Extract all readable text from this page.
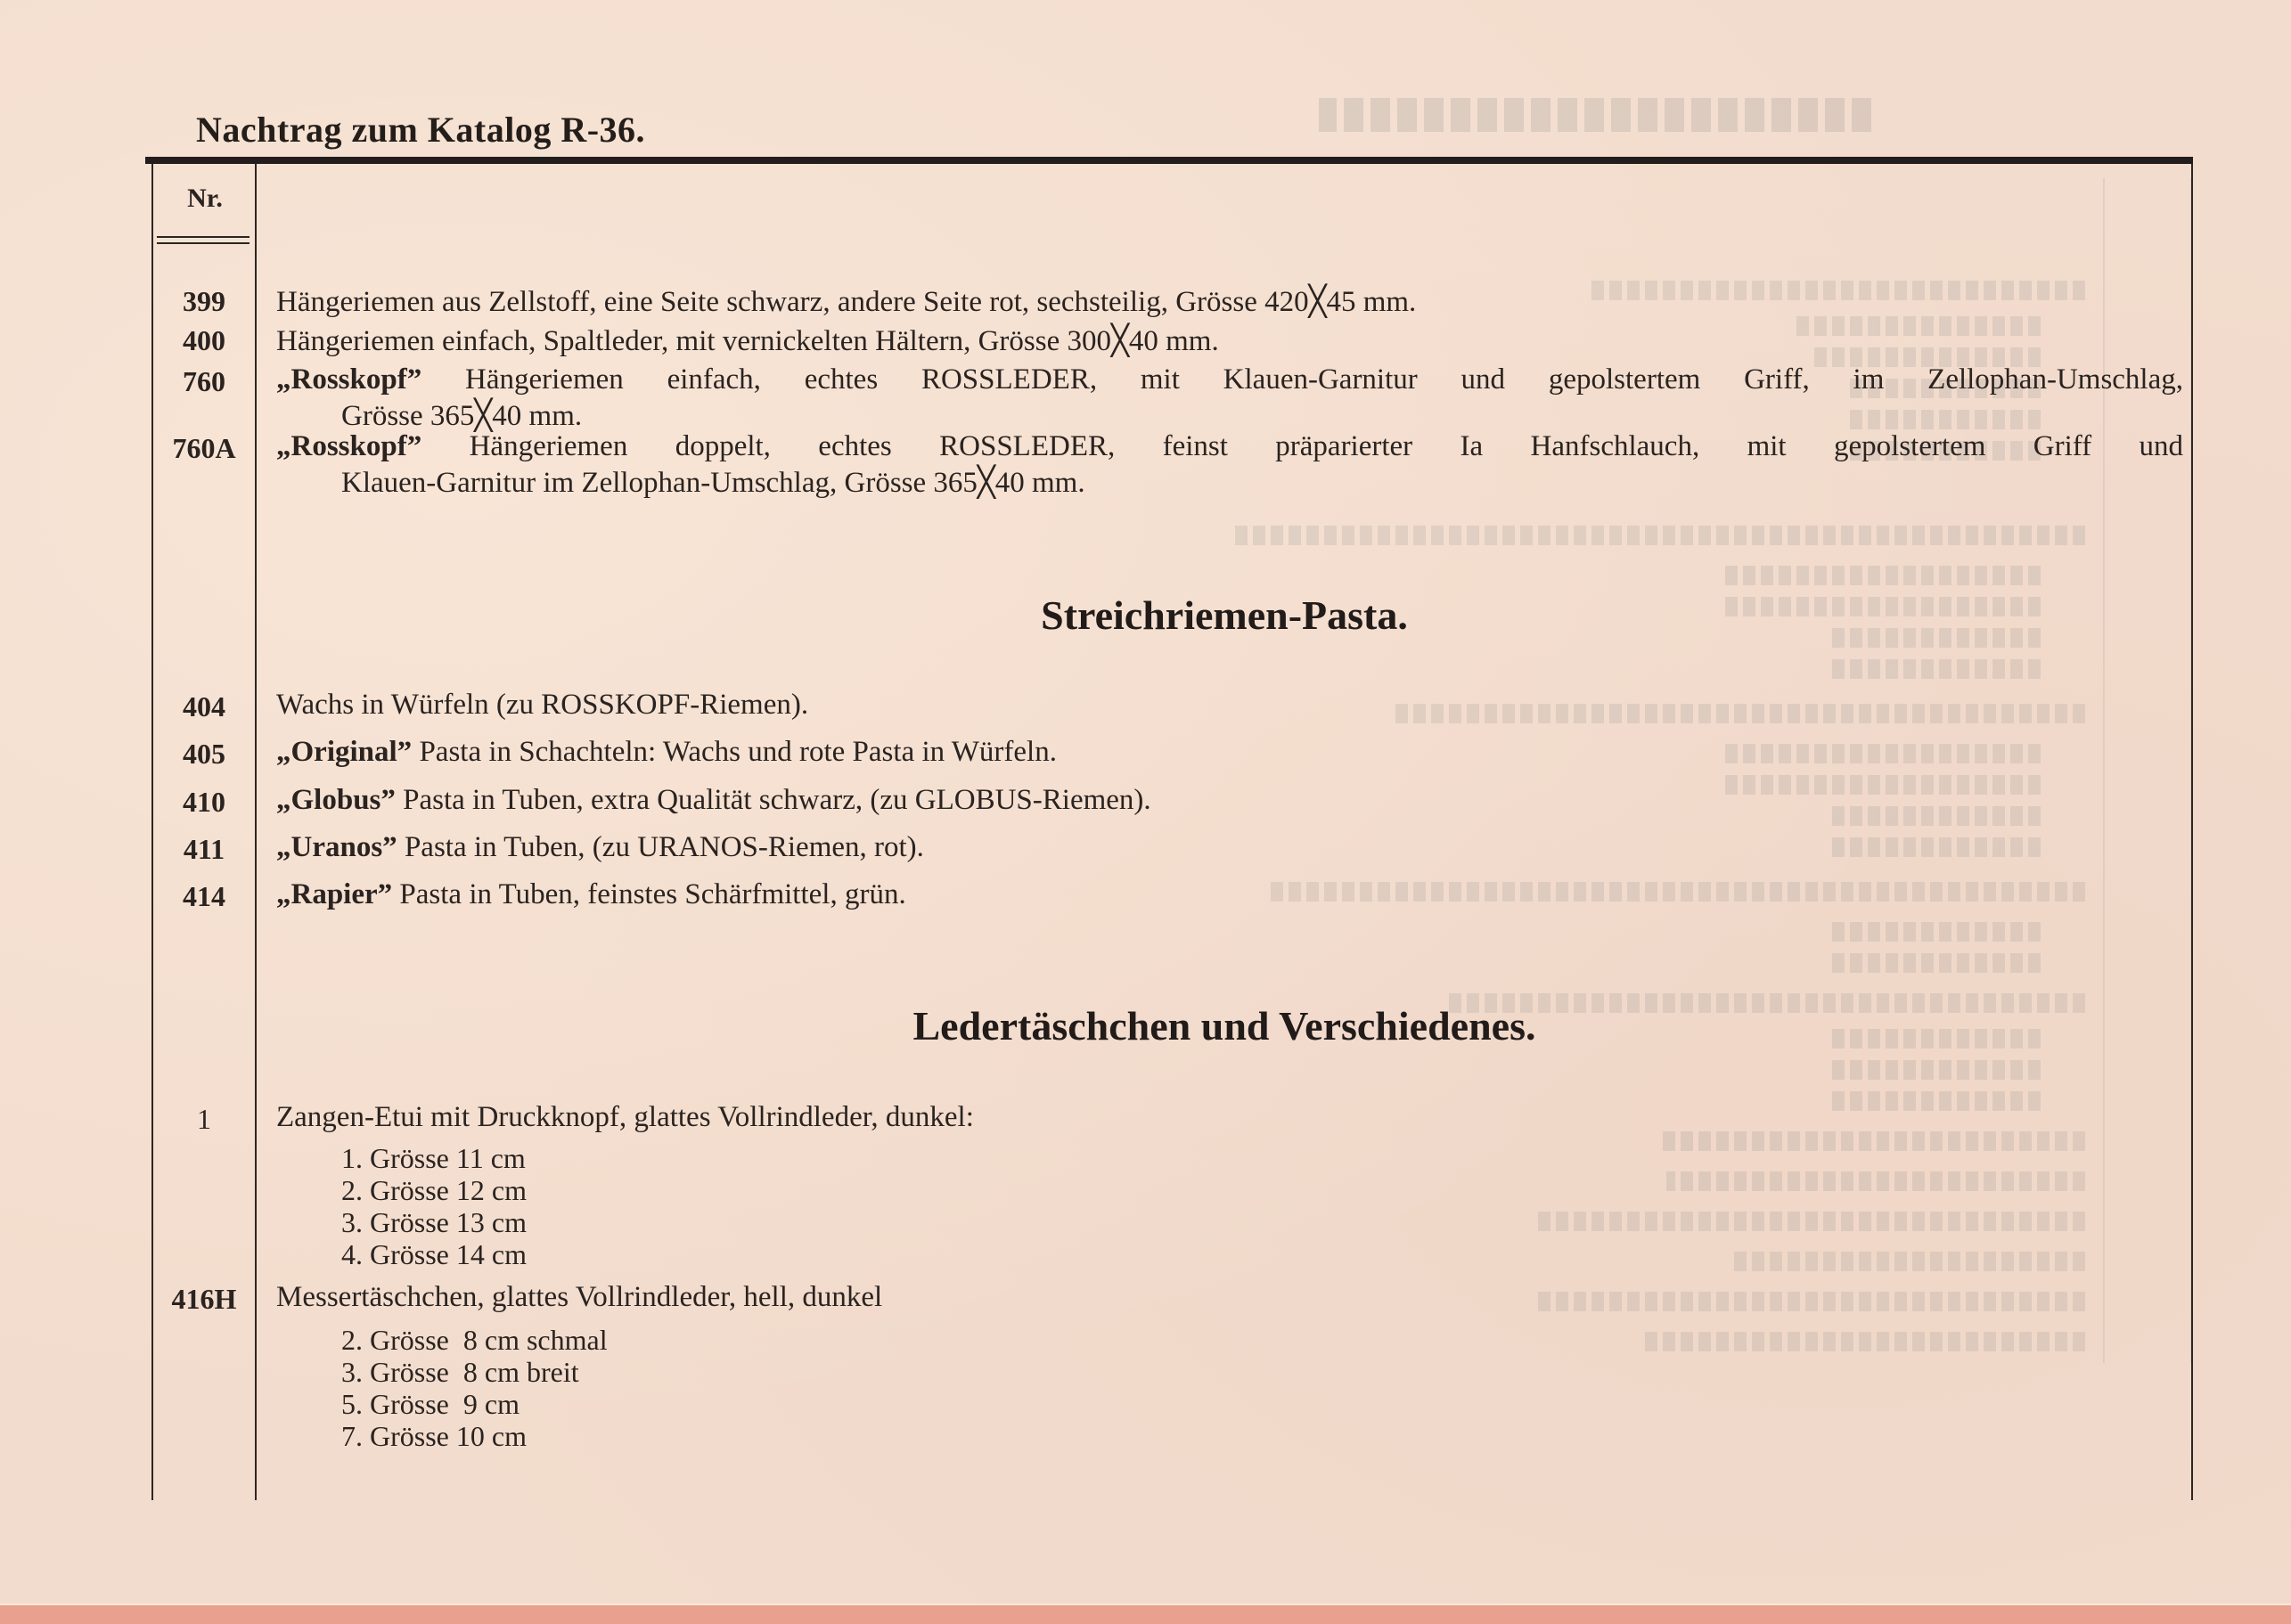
Nachtrag zum Katalog R-36.
Nr.
399	Hängeriemen aus Zellstoff, eine Seite schwarz, andere Seite rot, sechsteilig, Grösse 420╳45 mm.
400	Hängeriemen einfach, Spaltleder, mit vernickelten Hältern, Grösse 300╳40 mm.
760	„Rosskopf” Hängeriemen einfach, echtes ROSSLEDER, mit Klauen-Garnitur und gepolstertem Griff, im Zellophan-Umschlag,
Grösse 365╳40 mm.
760A	„Rosskopf” Hängeriemen doppelt, echtes ROSSLEDER, feinst präparierter Ia Hanfschlauch, mit gepolstertem Griff und
Klauen-Garnitur im Zellophan-Umschlag, Grösse 365╳40 mm.
Streichriemen-Pasta.
404	Wachs in Würfeln (zu ROSSKOPF-Riemen).
405	„Original” Pasta in Schachteln: Wachs und rote Pasta in Würfeln.
410	„Globus” Pasta in Tuben, extra Qualität schwarz, (zu GLOBUS-Riemen).
411	„Uranos” Pasta in Tuben, (zu URANOS-Riemen, rot).
414	„Rapier” Pasta in Tuben, feinstes Schärfmittel, grün.
Ledertäschchen und Verschiedenes.
1	Zangen-Etui mit Druckknopf, glattes Vollrindleder, dunkel:
1. Grösse 11 cm
2. Grösse 12 cm
3. Grösse 13 cm
4. Grösse 14 cm
416H	Messertäschchen, glattes Vollrindleder, hell, dunkel
2. Grösse  8 cm schmal
3. Grösse  8 cm breit
5. Grösse  9 cm
7. Grösse 10 cm
